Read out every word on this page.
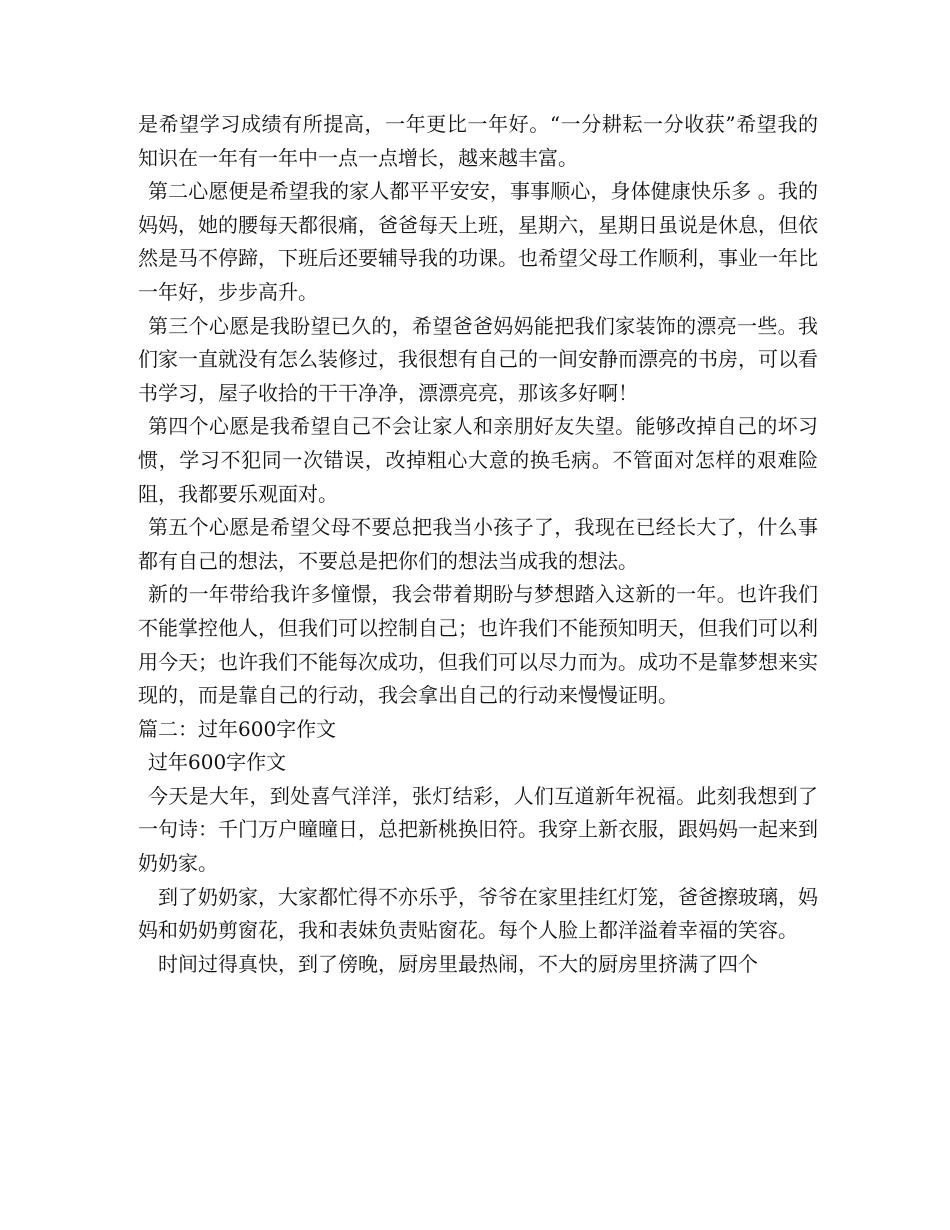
是希望学习成绩有所提高，一年更比一年好。“一分耕耘一分收获”希望我的知识在一年有一年中一点一点增长，越来越丰富。

第二心愿便是希望我的家人都平平安安，事事顺心，身体健康快乐多 。我的妈妈，她的腰每天都很痛，爸爸每天上班，星期六，星期日虽说是休息，但依然是马不停蹄，下班后还要辅导我的功课。也希望父母工作顺利，事业一年比一年好，步步高升。

第三个心愿是我盼望已久的，希望爸爸妈妈能把我们家装饰的漂亮一些。我们家一直就没有怎么装修过，我很想有自己的一间安静而漂亮的书房，可以看书学习，屋子收拾的干干净净，漂漂亮亮，那该多好啊！

第四个心愿是我希望自己不会让家人和亲朋好友失望。能够改掉自己的坏习惯，学习不犯同一次错误，改掉粗心大意的换毛病。不管面对怎样的艰难险阻，我都要乐观面对。

第五个心愿是希望父母不要总把我当小孩子了，我现在已经长大了，什么事都有自己的想法，不要总是把你们的想法当成我的想法。

新的一年带给我许多憧憬，我会带着期盼与梦想踏入这新的一年。也许我们不能掌控他人，但我们可以控制自己；也许我们不能预知明天，但我们可以利用今天；也许我们不能每次成功，但我们可以尽力而为。成功不是靠梦想来实现的，而是靠自己的行动，我会拿出自己的行动来慢慢证明。

篇二：过年600字作文

过年600字作文

今天是大年，到处喜气洋洋，张灯结彩，人们互道新年祝福。此刻我想到了一句诗：千门万户曈曈日，总把新桃换旧符。我穿上新衣服，跟妈妈一起来到奶奶家。

到了奶奶家，大家都忙得不亦乐乎，爷爷在家里挂红灯笼，爸爸擦玻璃，妈妈和奶奶剪窗花，我和表妹负责贴窗花。每个人脸上都洋溢着幸福的笑容。

时间过得真快，到了傍晚，厨房里最热闹，不大的厨房里挤满了四个
